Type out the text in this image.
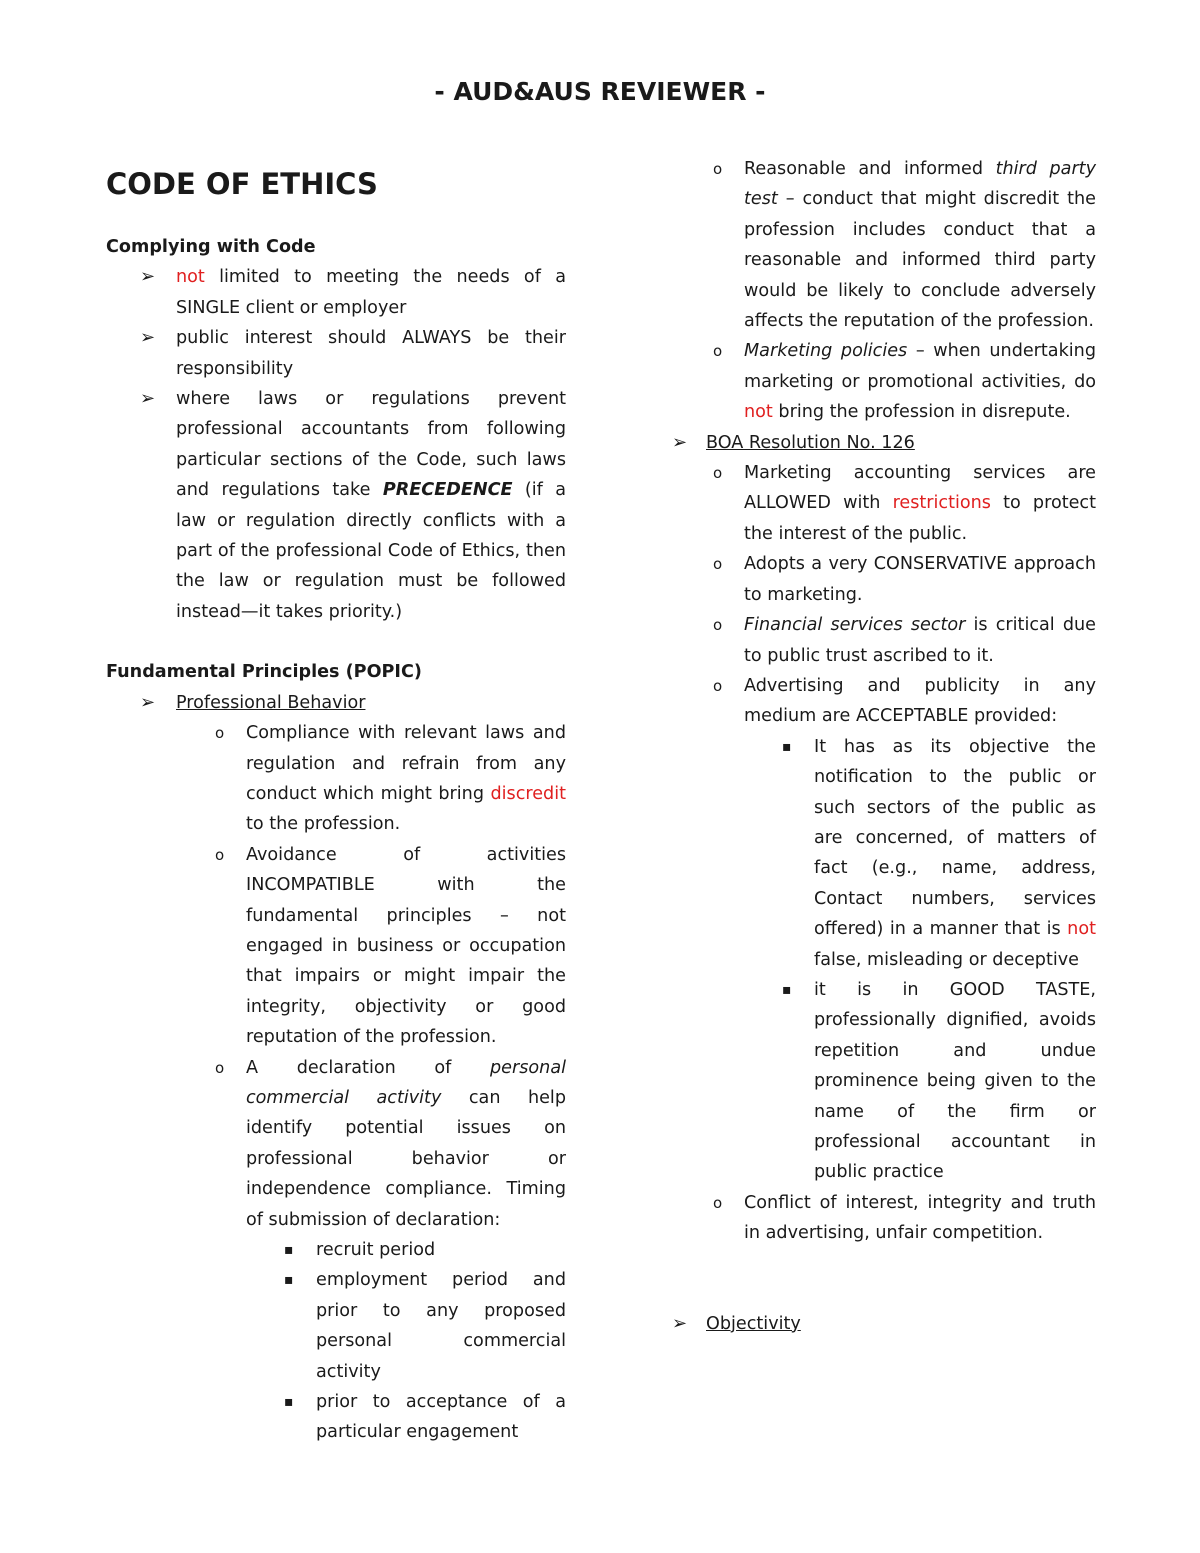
- AUD&AUS REVIEWER -
CODE OF ETHICS
Complying with Code
➢ not limited to meeting the needs of a SINGLE client or employer
➢ public interest should ALWAYS be their responsibility
➢ where laws or regulations prevent professional accountants from following particular sections of the Code, such laws and regulations take PRECEDENCE (if a law or regulation directly conflicts with a part of the professional Code of Ethics, then the law or regulation must be followed instead—it takes priority.)
Fundamental Principles (POPIC)
➢ Professional Behavior
o Compliance with relevant laws and regulation and refrain from any conduct which might bring discredit to the profession.
o Avoidance of activities INCOMPATIBLE with the fundamental principles – not engaged in business or occupation that impairs or might impair the integrity, objectivity or good reputation of the profession.
o A declaration of personal commercial activity can help identify potential issues on professional behavior or independence compliance. Timing of submission of declaration:
▪ recruit period
▪ employment period and prior to any proposed personal commercial activity
▪ prior to acceptance of a particular engagement
o Reasonable and informed third party test – conduct that might discredit the profession includes conduct that a reasonable and informed third party would be likely to conclude adversely affects the reputation of the profession.
o Marketing policies – when undertaking marketing or promotional activities, do not bring the profession in disrepute.
➢ BOA Resolution No. 126
o Marketing accounting services are ALLOWED with restrictions to protect the interest of the public.
o Adopts a very CONSERVATIVE approach to marketing.
o Financial services sector is critical due to public trust ascribed to it.
o Advertising and publicity in any medium are ACCEPTABLE provided:
▪ It has as its objective the notification to the public or such sectors of the public as are concerned, of matters of fact (e.g., name, address, Contact numbers, services offered) in a manner that is not false, misleading or deceptive
▪ it is in GOOD TASTE, professionally dignified, avoids repetition and undue prominence being given to the name of the firm or professional accountant in public practice
o Conflict of interest, integrity and truth in advertising, unfair competition.
➢ Objectivity
